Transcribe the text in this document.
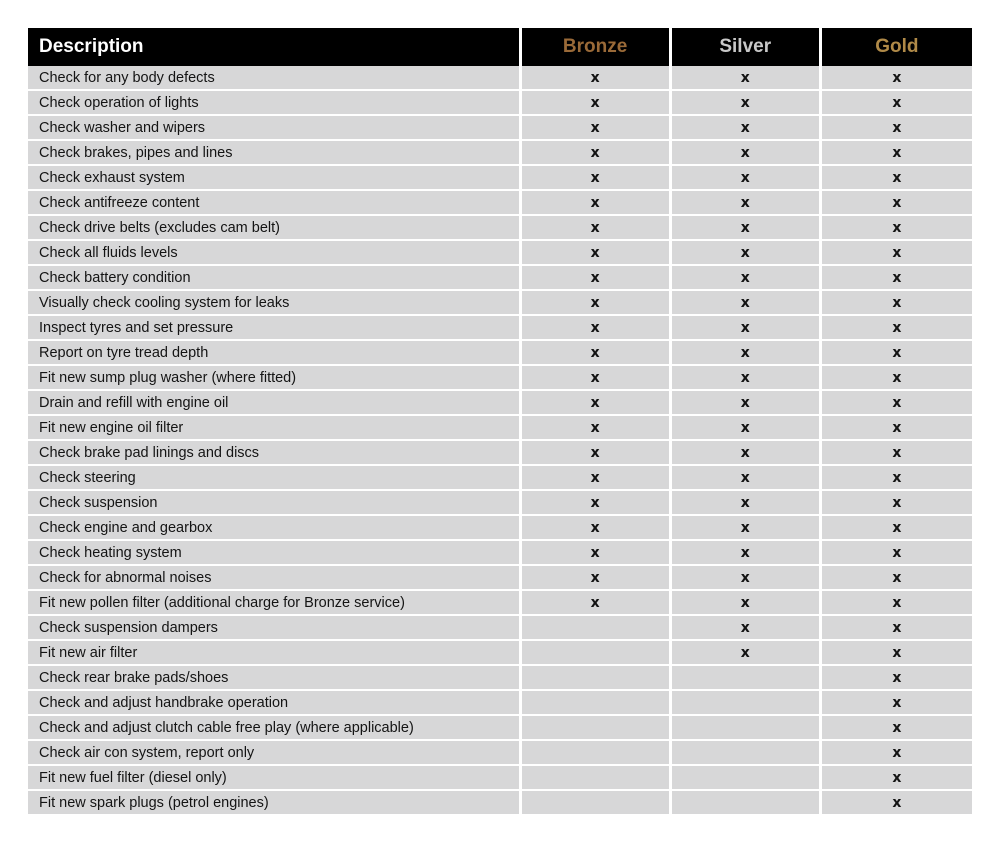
Description	Bronze	Silver	Gold
Check for any body defects	x	x	x
Check operation of lights	x	x	x
Check washer and wipers	x	x	x
Check brakes, pipes and lines	x	x	x
Check exhaust system	x	x	x
Check antifreeze content	x	x	x
Check drive belts (excludes cam belt)	x	x	x
Check all fluids levels	x	x	x
Check battery condition	x	x	x
Visually check cooling system for leaks	x	x	x
Inspect tyres and set pressure	x	x	x
Report on tyre tread depth	x	x	x
Fit new sump plug washer (where fitted)	x	x	x
Drain and refill with engine oil	x	x	x
Fit new engine oil filter	x	x	x
Check brake pad linings and discs	x	x	x
Check steering	x	x	x
Check suspension	x	x	x
Check engine and gearbox	x	x	x
Check heating system	x	x	x
Check for abnormal noises	x	x	x
Fit new pollen filter (additional charge for Bronze service)	x	x	x
Check suspension dampers		x	x
Fit new air filter		x	x
Check rear brake pads/shoes			x
Check and adjust handbrake operation			x
Check and adjust clutch cable free play (where applicable)			x
Check air con system, report only			x
Fit new fuel filter (diesel only)			x
Fit new spark plugs (petrol engines)			x
